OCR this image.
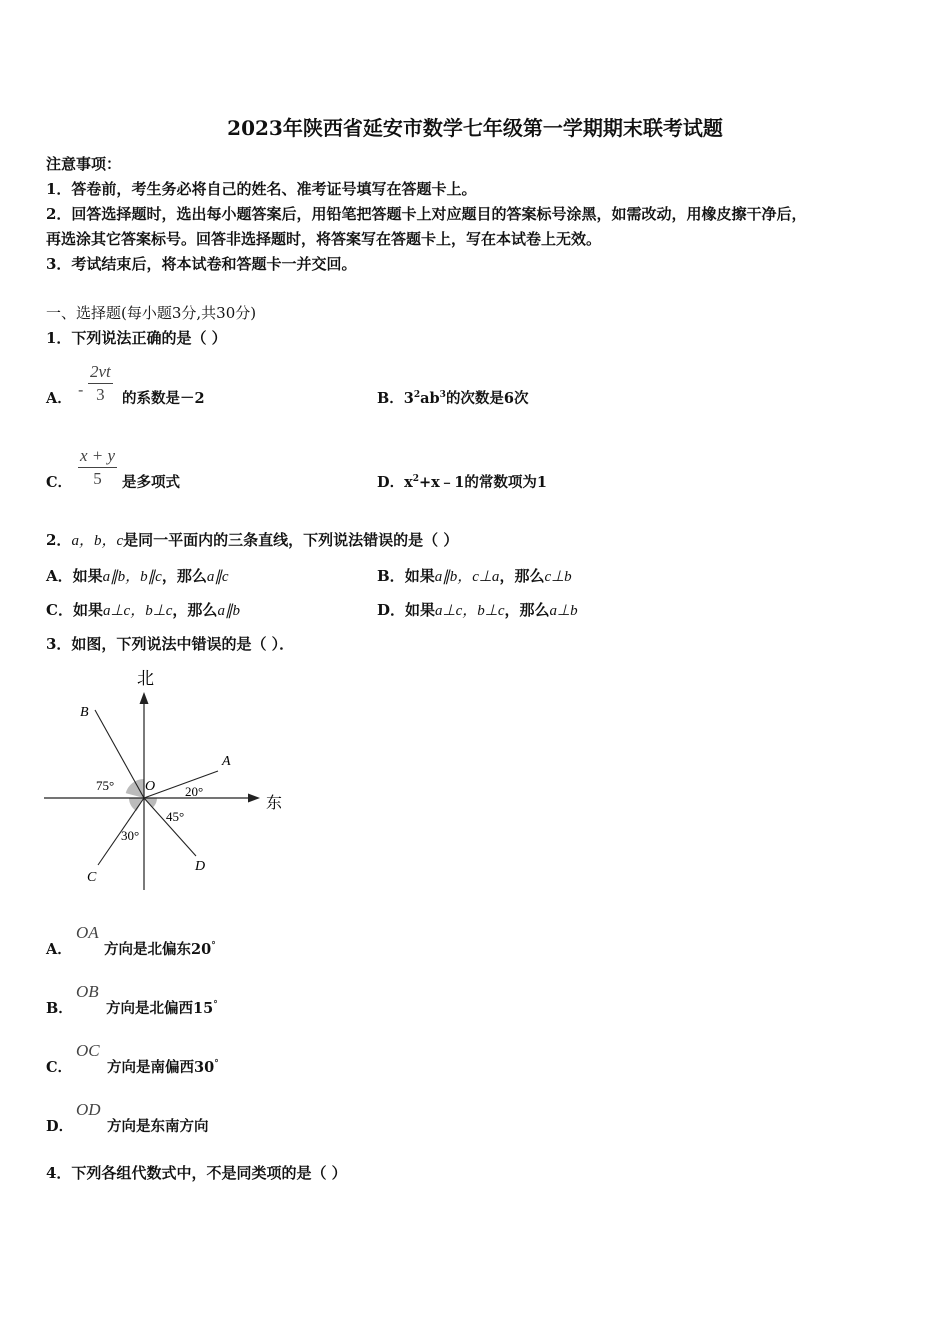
2023年陕西省延安市数学七年级第一学期期末联考试题
注意事项：
1．答卷前，考生务必将自己的姓名、准考证号填写在答题卡上。
2．回答选择题时，选出每小题答案后，用铅笔把答题卡上对应题目的答案标号涂黑，如需改动，用橡皮擦干净后，
再选涂其它答案标号。回答非选择题时，将答案写在答题卡上，写在本试卷上无效。
3．考试结束后，将本试卷和答题卡一并交回。
一、选择题(每小题3分,共30分)
1．下列说法正确的是（ ）
A． -
2vt
3	的系数是－2	B．$3^2ab^3$的次数是6次
C．
x + y
5	是多项式	D．$x^2+x﹣1$的常数项为1
2．a，b，c是同一平面内的三条直线，下列说法错误的是（ ）
A．如果a∥b，b∥c，那么a∥c	B．如果a∥b，c⊥a，那么c⊥b
C．如果a⊥c，b⊥c，那么a∥b	D．如果a⊥c，b⊥c，那么a⊥b
3．如图，下列说法中错误的是（ ）．
北
东
B
A
C
D
O
75°	20°
45°
30°
A．
OA
方向是北偏东20°
B．
OB
方向是北偏西15°
C．
OC
方向是南偏西30°
D．
OD
方向是东南方向
4．下列各组代数式中，不是同类项的是（ ）
